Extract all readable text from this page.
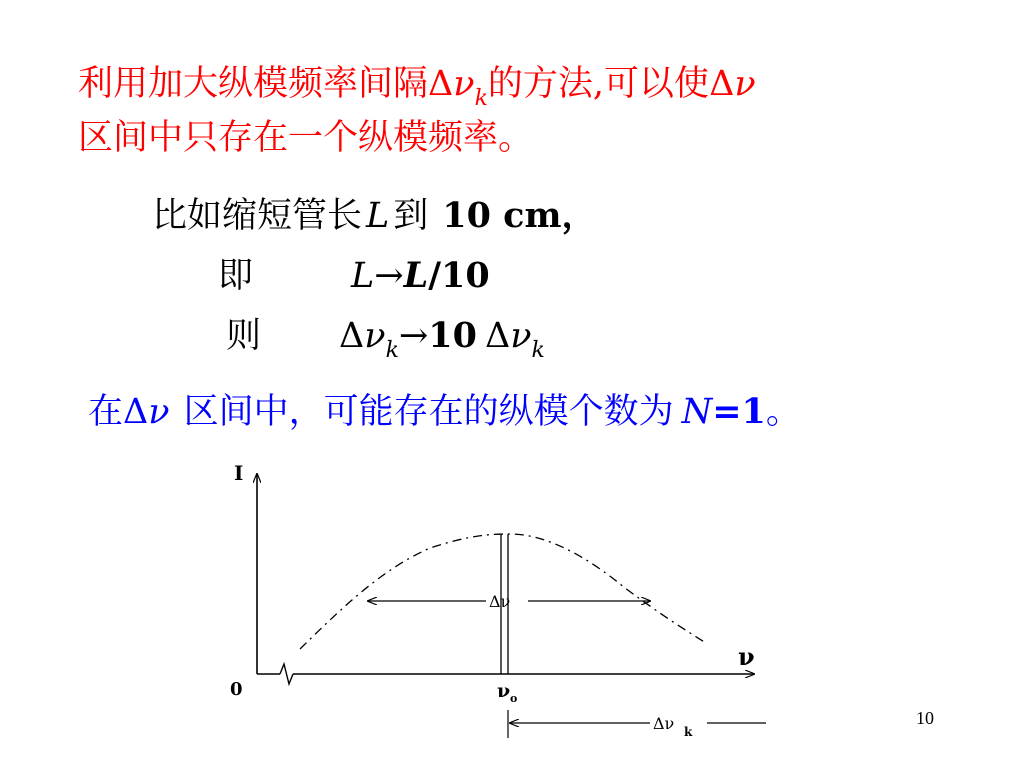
利用加大纵模频率间隔$\Delta\nu_k$的方法,可以使Δν
区间中只存在一个纵模频率。
比如缩短管长 L 到 10 cm，
即	L→L/10
则 $\Delta\nu_k\to 10$ $\Delta\nu_k$
在Δν 区间中，可能存在的纵模个数为 N=1。
I
ν
0	ν o
Δν
Δν k
10
